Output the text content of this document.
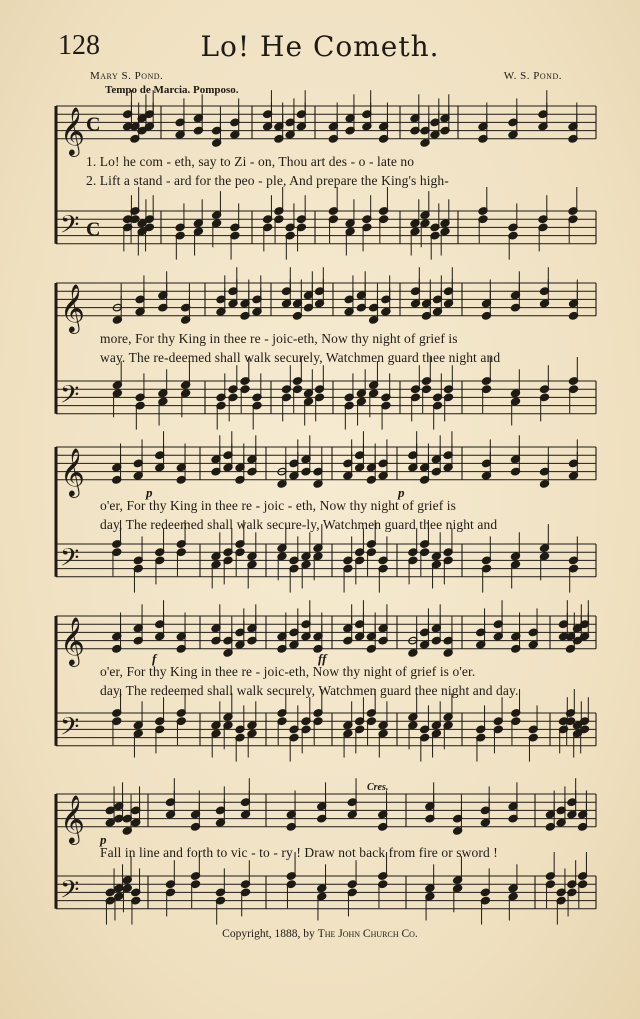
128	Lo! He Cometh.
Mary S. Pond.	W. S. Pond.
Tempo de Marcia. Pomposo.
𝄞
𝄢
C
C
𝄞
𝄢
𝄞
𝄢
𝄞
𝄢
𝄞
𝄢
1. Lo! he com - eth, say to Zi - on, Thou art des - o - late no
2. Lift a stand - ard for the peo - ple, And prepare the King's high-
more, For thy King in thee re - joic-eth, Now thy night of grief is
way. The re-deemed shall walk securely, Watchmen guard thee night and
p	p
o'er, For thy King in thee re - joic - eth, Now thy night of grief is
day, The redeemed shall walk secure-ly, Watchmen guard thee night and
f	ff
o'er, For thy King in thee re - joic-eth, Now thy night of grief is o'er.
day, The redeemed shall walk securely, Watchmen guard thee night and day.
Cres.
p
Fall in line and forth to vic - to - ry ! Draw not back from fire or sword !
Copyright, 1888, by The John Church Co.
